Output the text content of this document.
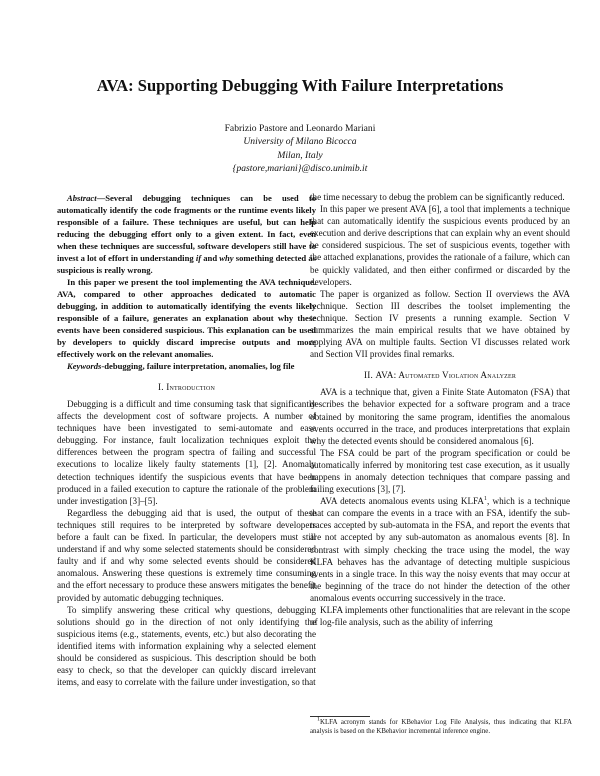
AVA: Supporting Debugging With Failure Interpretations
Fabrizio Pastore and Leonardo Mariani
University of Milano Bicocca
Milan, Italy
{pastore,mariani}@disco.unimib.it

Abstract—Several debugging techniques can be used to automatically identify the code fragments or the runtime events likely responsible of a failure. These techniques are useful, but can help reducing the debugging effort only to a given extent. In fact, even when these techniques are successful, software developers still have to invest a lot of effort in understanding if and why something detected as suspicious is really wrong.

In this paper we present the tool implementing the AVA technique. AVA, compared to other approaches dedicated to automatic debugging, in addition to automatically identifying the events likely responsible of a failure, generates an explanation about why these events have been considered suspicious. This explanation can be used by developers to quickly discard imprecise outputs and more effectively work on the relevant anomalies.

Keywords-debugging, failure interpretation, anomalies, log file

I. Introduction

Debugging is a difficult and time consuming task that significantly affects the development cost of software projects. A number of techniques have been investigated to semi-automate and ease debugging. For instance, fault localization techniques exploit the differences between the program spectra of failing and successful executions to localize likely faulty statements [1], [2]. Anomaly detection techniques identify the suspicious events that have been produced in a failed execution to capture the rationale of the problem under investigation [3]–[5].

Regardless the debugging aid that is used, the output of these techniques still requires to be interpreted by software developers before a fault can be fixed. In particular, the developers must still understand if and why some selected statements should be considered faulty and if and why some selected events should be considered anomalous. Answering these questions is extremely time consuming and the effort necessary to produce these answers mitigates the benefit provided by automatic debugging techniques.

To simplify answering these critical why questions, debugging solutions should go in the direction of not only identifying the suspicious items (e.g., statements, events, etc.) but also decorating the identified items with information explaining why a selected element should be considered as suspicious. This description should be both easy to check, so that the developer can quickly discard irrelevant items, and easy to correlate with the failure under investigation, so that

the time necessary to debug the problem can be significantly reduced.

In this paper we present AVA [6], a tool that implements a technique that can automatically identify the suspicious events produced by an execution and derive descriptions that can explain why an event should be considered suspicious. The set of suspicious events, together with the attached explanations, provides the rationale of a failure, which can be quickly validated, and then either confirmed or discarded by the developers.

The paper is organized as follow. Section II overviews the AVA technique. Section III describes the toolset implementing the technique. Section IV presents a running example. Section V summarizes the main empirical results that we have obtained by applying AVA on multiple faults. Section VI discusses related work and Section VII provides final remarks.

II. AVA: Automated Violation Analyzer

AVA is a technique that, given a Finite State Automaton (FSA) that describes the behavior expected for a software program and a trace obtained by monitoring the same program, identifies the anomalous events occurred in the trace, and produces interpretations that explain why the detected events should be considered anomalous [6].

The FSA could be part of the program specification or could be automatically inferred by monitoring test case execution, as it usually happens in anomaly detection techniques that compare passing and failing executions [3], [7].

AVA detects anomalous events using KLFA$^1$, which is a technique that can compare the events in a trace with an FSA, identify the sub-traces accepted by sub-automata in the FSA, and report the events that are not accepted by any sub-automaton as anomalous events [8]. In contrast with simply checking the trace using the model, the way KLFA behaves has the advantage of detecting multiple suspicious events in a single trace. In this way the noisy events that may occur at the beginning of the trace do not hinder the detection of the other anomalous events occurring successively in the trace.

KLFA implements other functionalities that are relevant in the scope of log-file analysis, such as the ability of inferring

$^1$KLFA acronym stands for KBehavior Log File Analysis, thus indicating that KLFA analysis is based on the KBehavior incremental inference engine.
